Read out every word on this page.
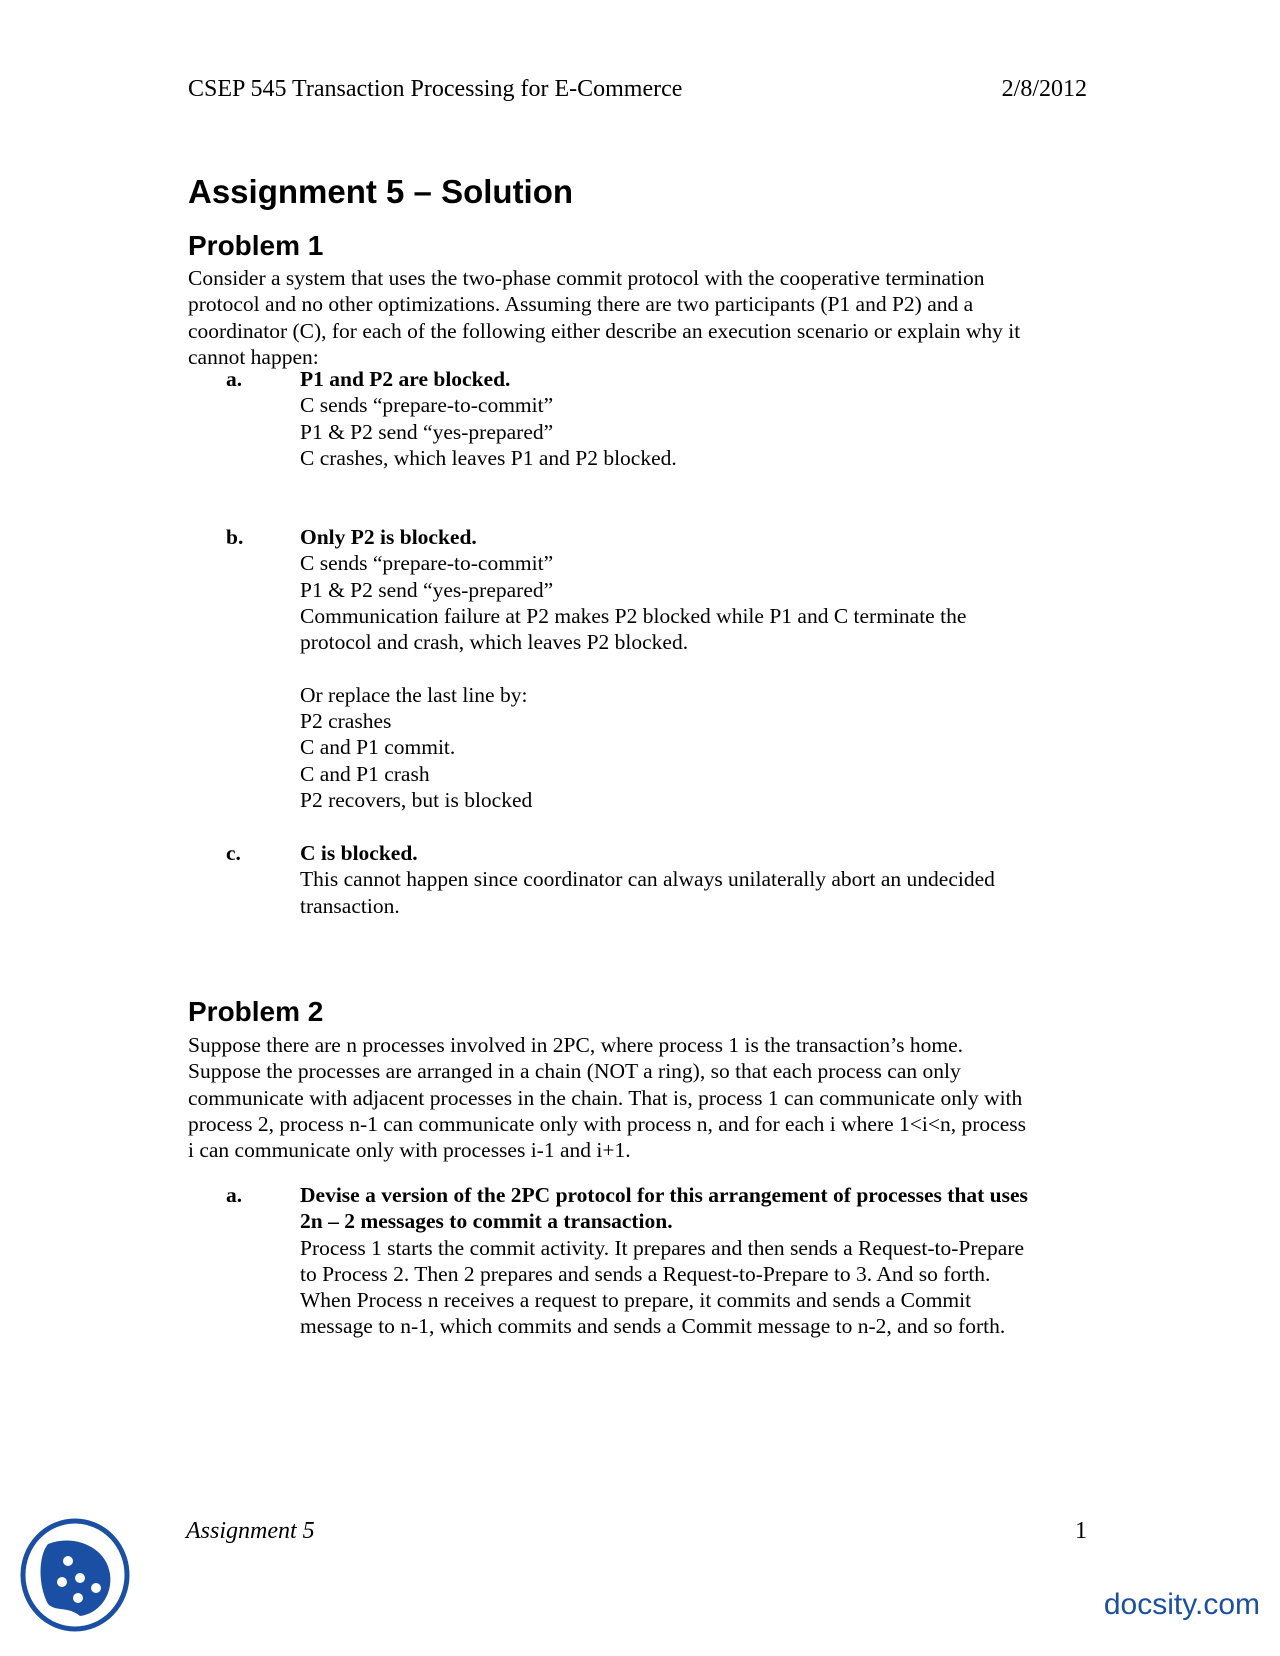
CSEP 545 Transaction Processing for E-Commerce	2/8/2012
Assignment 5 – Solution
Problem 1
Consider a system that uses the two-phase commit protocol with the cooperative termination
protocol and no other optimizations. Assuming there are two participants (P1 and P2) and a
coordinator (C), for each of the following either describe an execution scenario or explain why it
cannot happen:
a.	P1 and P2 are blocked.
C sends “prepare-to-commit”
P1 & P2 send “yes-prepared”
C crashes, which leaves P1 and P2 blocked.
b.	Only P2 is blocked.
C sends “prepare-to-commit”
P1 & P2 send “yes-prepared”
Communication failure at P2 makes P2 blocked while P1 and C terminate the
protocol and crash, which leaves P2 blocked.
Or replace the last line by:
P2 crashes
C and P1 commit.
C and P1 crash
P2 recovers, but is blocked
c.	C is blocked.
This cannot happen since coordinator can always unilaterally abort an undecided
transaction.
Problem 2
Suppose there are n processes involved in 2PC, where process 1 is the transaction’s home.
Suppose the processes are arranged in a chain (NOT a ring), so that each process can only
communicate with adjacent processes in the chain. That is, process 1 can communicate only with
process 2, process n-1 can communicate only with process n, and for each i where 1<i<n, process
i can communicate only with processes i-1 and i+1.
a.	Devise a version of the 2PC protocol for this arrangement of processes that uses
2n – 2 messages to commit a transaction.
Process 1 starts the commit activity. It prepares and then sends a Request-to-Prepare
to Process 2. Then 2 prepares and sends a Request-to-Prepare to 3. And so forth.
When Process n receives a request to prepare, it commits and sends a Commit
message to n-1, which commits and sends a Commit message to n-2, and so forth.
Assignment 5	1
docsity.com
